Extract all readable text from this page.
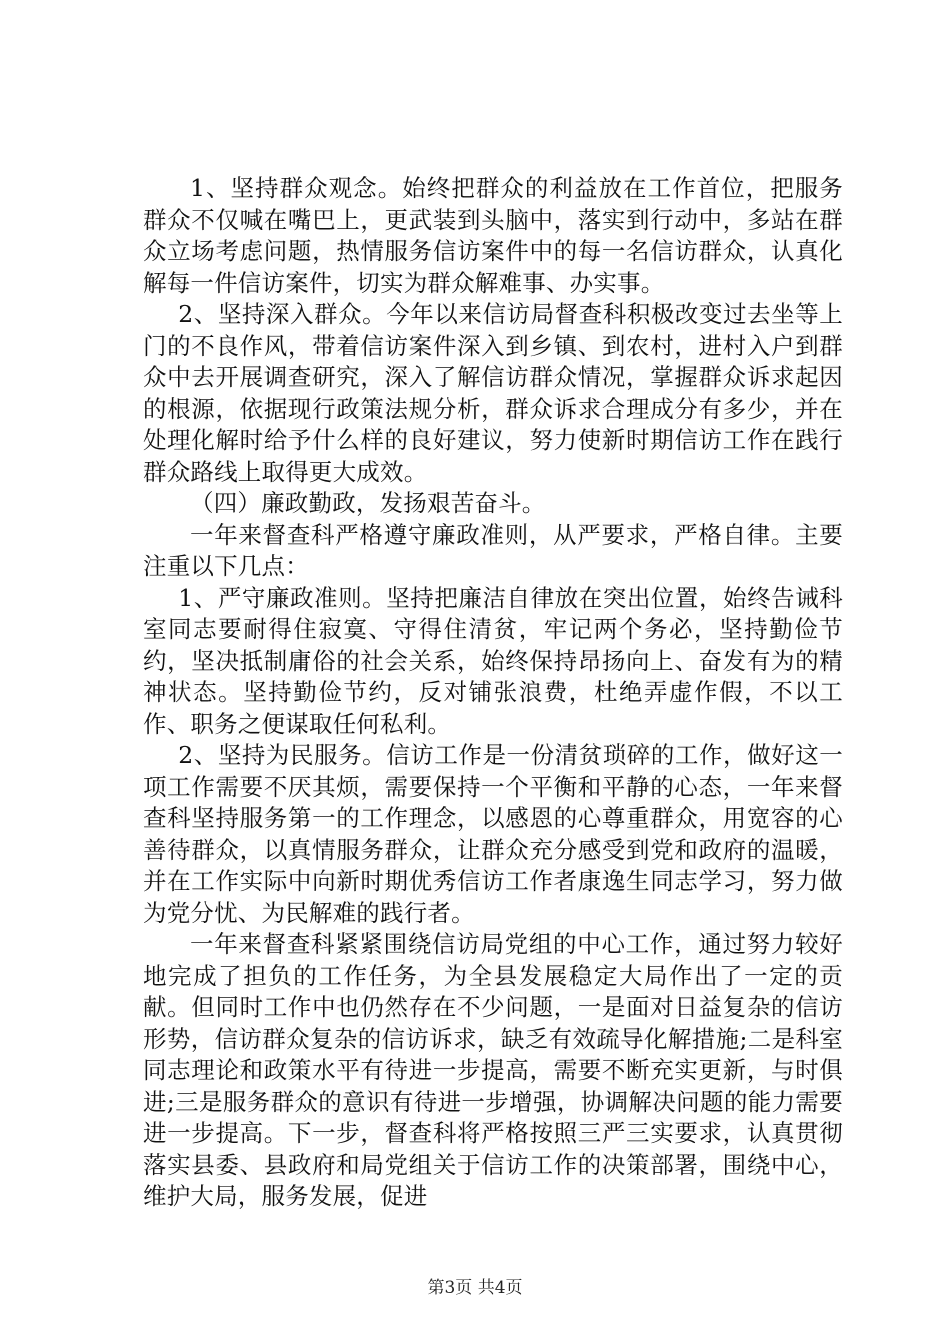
1、坚持群众观念。始终把群众的利益放在工作首位，把服务群众不仅喊在嘴巴上，更武装到头脑中，落实到行动中，多站在群众立场考虑问题，热情服务信访案件中的每一名信访群众，认真化解每一件信访案件，切实为群众解难事、办实事。

2、坚持深入群众。今年以来信访局督查科积极改变过去坐等上门的不良作风，带着信访案件深入到乡镇、到农村，进村入户到群众中去开展调查研究，深入了解信访群众情况，掌握群众诉求起因的根源，依据现行政策法规分析，群众诉求合理成分有多少，并在处理化解时给予什么样的良好建议，努力使新时期信访工作在践行群众路线上取得更大成效。

（四）廉政勤政，发扬艰苦奋斗。

一年来督查科严格遵守廉政准则，从严要求，严格自律。主要注重以下几点：

1、严守廉政准则。坚持把廉洁自律放在突出位置，始终告诫科室同志要耐得住寂寞、守得住清贫，牢记两个务必，坚持勤俭节约，坚决抵制庸俗的社会关系，始终保持昂扬向上、奋发有为的精神状态。坚持勤俭节约，反对铺张浪费，杜绝弄虚作假，不以工作、职务之便谋取任何私利。

2、坚持为民服务。信访工作是一份清贫琐碎的工作，做好这一项工作需要不厌其烦，需要保持一个平衡和平静的心态，一年来督查科坚持服务第一的工作理念，以感恩的心尊重群众，用宽容的心善待群众，以真情服务群众，让群众充分感受到党和政府的温暖，并在工作实际中向新时期优秀信访工作者康逸生同志学习，努力做为党分忧、为民解难的践行者。

一年来督查科紧紧围绕信访局党组的中心工作，通过努力较好地完成了担负的工作任务，为全县发展稳定大局作出了一定的贡献。但同时工作中也仍然存在不少问题，一是面对日益复杂的信访形势，信访群众复杂的信访诉求，缺乏有效疏导化解措施;二是科室同志理论和政策水平有待进一步提高，需要不断充实更新，与时俱进;三是服务群众的意识有待进一步增强，协调解决问题的能力需要进一步提高。下一步，督查科将严格按照三严三实要求，认真贯彻落实县委、县政府和局党组关于信访工作的决策部署，围绕中心，维护大局，服务发展，促进

第3页 共4页
